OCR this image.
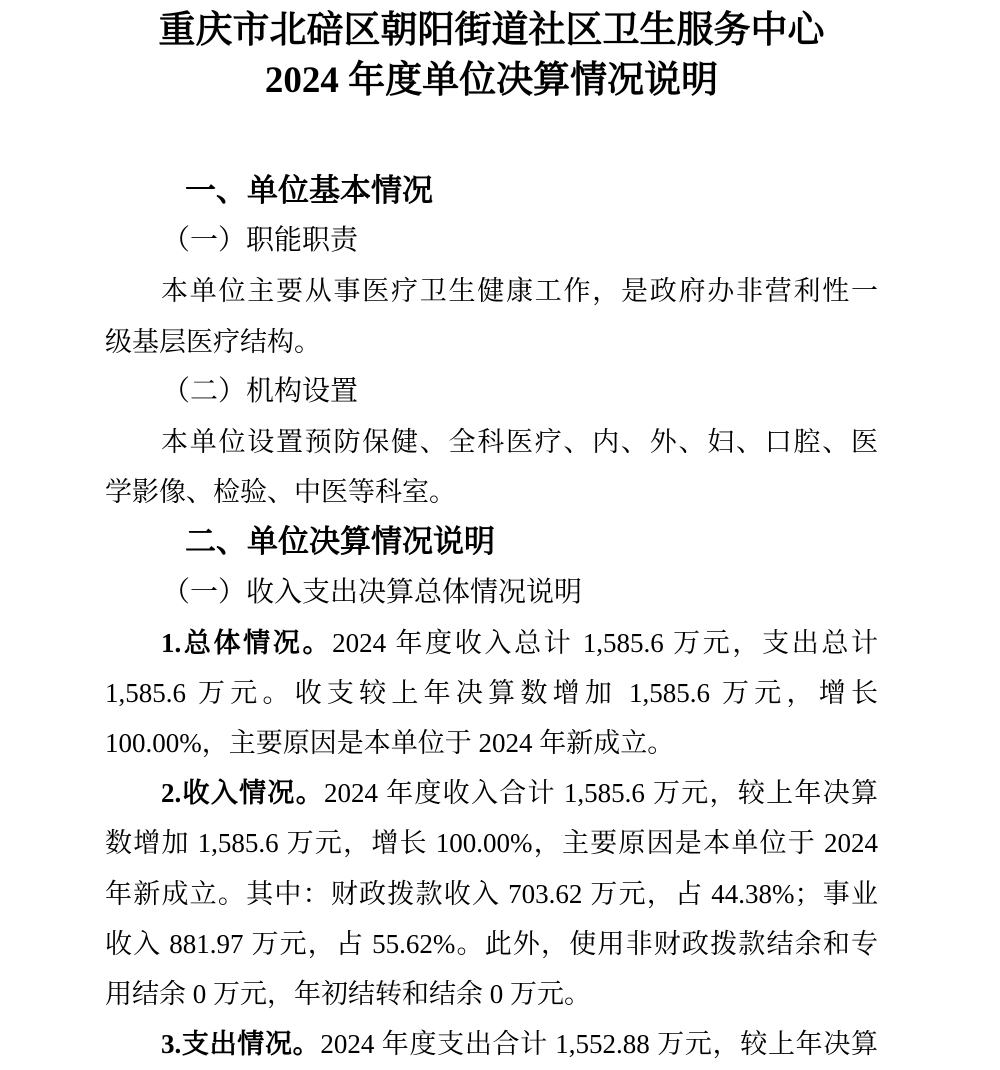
重庆市北碚区朝阳街道社区卫生服务中心
2024 年度单位决算情况说明
一、单位基本情况
（一）职能职责
本单位主要从事医疗卫生健康工作，是政府办非营利性一
级基层医疗结构。
（二）机构设置
本单位设置预防保健、全科医疗、内、外、妇、口腔、医
学影像、检验、中医等科室。
二、单位决算情况说明
（一）收入支出决算总体情况说明
1.总体情况。2024 年度收入总计 1,585.6 万元，支出总计
1,585.6 万元。收支较上年决算数增加 1,585.6 万元，增长
100.00%，主要原因是本单位于 2024 年新成立。
2.收入情况。2024 年度收入合计 1,585.6 万元，较上年决算
数增加 1,585.6 万元，增长 100.00%，主要原因是本单位于 2024
年新成立。其中：财政拨款收入 703.62 万元，占 44.38%；事业
收入 881.97 万元，占 55.62%。此外，使用非财政拨款结余和专
用结余 0 万元，年初结转和结余 0 万元。
3.支出情况。2024 年度支出合计 1,552.88 万元，较上年决算
